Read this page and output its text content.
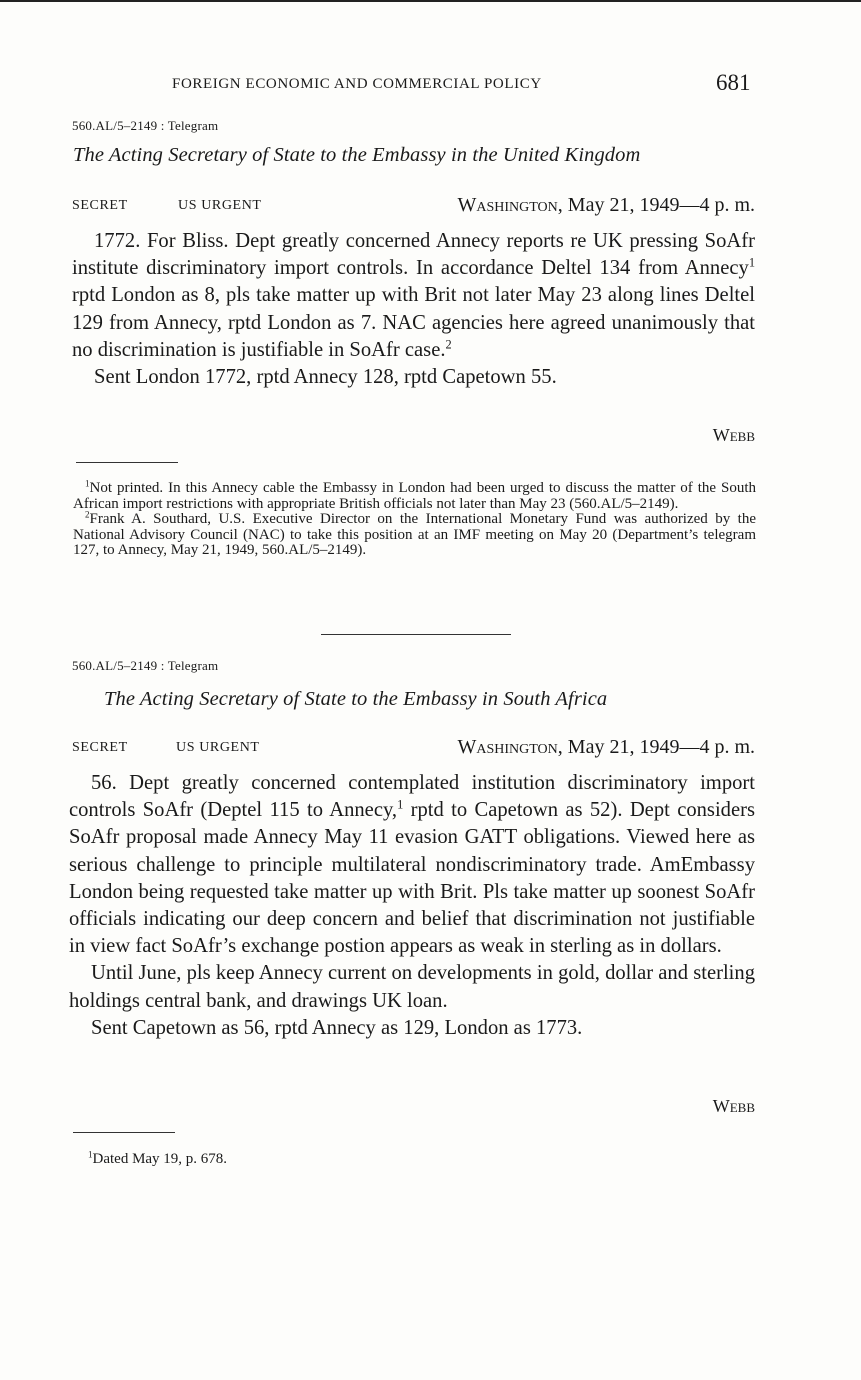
FOREIGN ECONOMIC AND COMMERCIAL POLICY	681
560.AL/5–2149 : Telegram
The Acting Secretary of State to the Embassy in the United Kingdom
SECRET	US URGENT	Washington, May 21, 1949—4 p. m.

1772. For Bliss. Dept greatly concerned Annecy reports re UK pressing SoAfr institute discriminatory import controls. In accordance Deltel 134 from Annecy$^1$ rptd London as 8, pls take matter up with Brit not later May 23 along lines Deltel 129 from Annecy, rptd London as 7. NAC agencies here agreed unanimously that no discrimination is justifiable in SoAfr case.$^2$

Sent London 1772, rptd Annecy 128, rptd Capetown 55.

Webb

$^1$Not printed. In this Annecy cable the Embassy in London had been urged to discuss the matter of the South African import restrictions with appropriate British officials not later than May 23 (560.AL/5–2149).

$^2$Frank A. Southard, U.S. Executive Director on the International Monetary Fund was authorized by the National Advisory Council (NAC) to take this position at an IMF meeting on May 20 (Department’s telegram 127, to Annecy, May 21, 1949, 560.AL/5–2149).

560.AL/5–2149 : Telegram
The Acting Secretary of State to the Embassy in South Africa
SECRET	US URGENT	Washington, May 21, 1949—4 p. m.

56. Dept greatly concerned contemplated institution discriminatory import controls SoAfr (Deptel 115 to Annecy,$^1$ rptd to Capetown as 52). Dept considers SoAfr proposal made Annecy May 11 evasion GATT obligations. Viewed here as serious challenge to principle multilateral nondiscriminatory trade. AmEmbassy London being requested take matter up with Brit. Pls take matter up soonest SoAfr officials indicating our deep concern and belief that discrimination not justifiable in view fact SoAfr’s exchange postion appears as weak in sterling as in dollars.

Until June, pls keep Annecy current on developments in gold, dollar and sterling holdings central bank, and drawings UK loan.

Sent Capetown as 56, rptd Annecy as 129, London as 1773.

Webb

$^1$Dated May 19, p. 678.
